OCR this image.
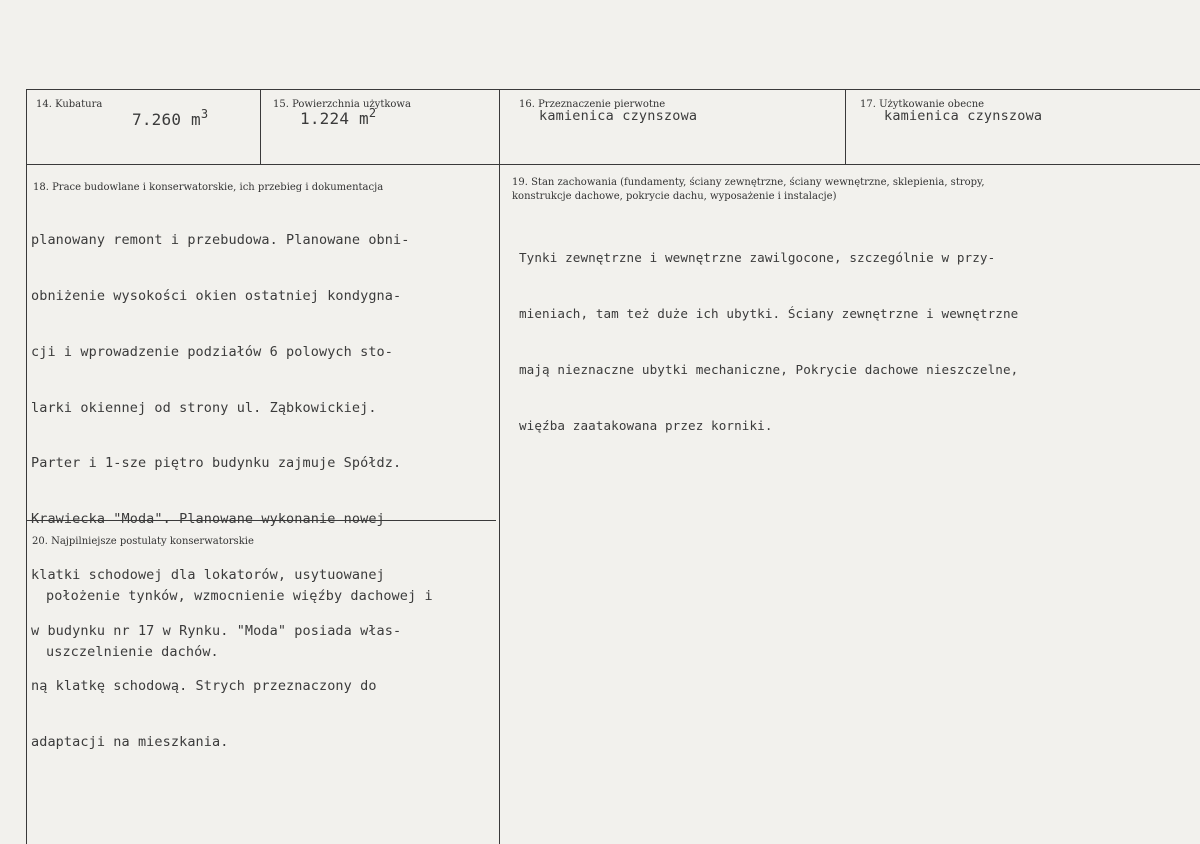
14. Kubatura
7.260 $m^3$
15. Powierzchnia użytkowa
1.224 $m^2$
16. Przeznaczenie pierwotne
kamienica czynszowa
17. Użytkowanie obecne
kamienica czynszowa
18. Prace budowlane i konserwatorskie, ich przebieg i dokumentacja

planowany remont i przebudowa. Planowane obni-

obniżenie wysokości okien ostatniej kondygna-

cji i wprowadzenie podziałów 6 polowych sto-

larki okiennej od strony ul. Ząbkowickiej.

Parter i 1-sze piętro budynku zajmuje Spółdz.

Krawiecka "Moda". Planowane wykonanie nowej

klatki schodowej dla lokatorów, usytuowanej

w budynku nr 17 w Rynku. "Moda" posiada włas-

ną klatkę schodową. Strych przeznaczony do

adaptacji na mieszkania.

19. Stan zachowania (fundamenty, ściany zewnętrzne, ściany wewnętrzne, sklepienia, stropy,
konstrukcje dachowe, pokrycie dachu, wyposażenie i instalacje)

Tynki zewnętrzne i wewnętrzne zawilgocone, szczególnie w przy-

mieniach, tam też duże ich ubytki. Ściany zewnętrzne i wewnętrzne

mają nieznaczne ubytki mechaniczne, Pokrycie dachowe nieszczelne,

więźba zaatakowana przez korniki.

20. Najpilniejsze postulaty konserwatorskie

położenie tynków, wzmocnienie więźby dachowej i

uszczelnienie dachów.
